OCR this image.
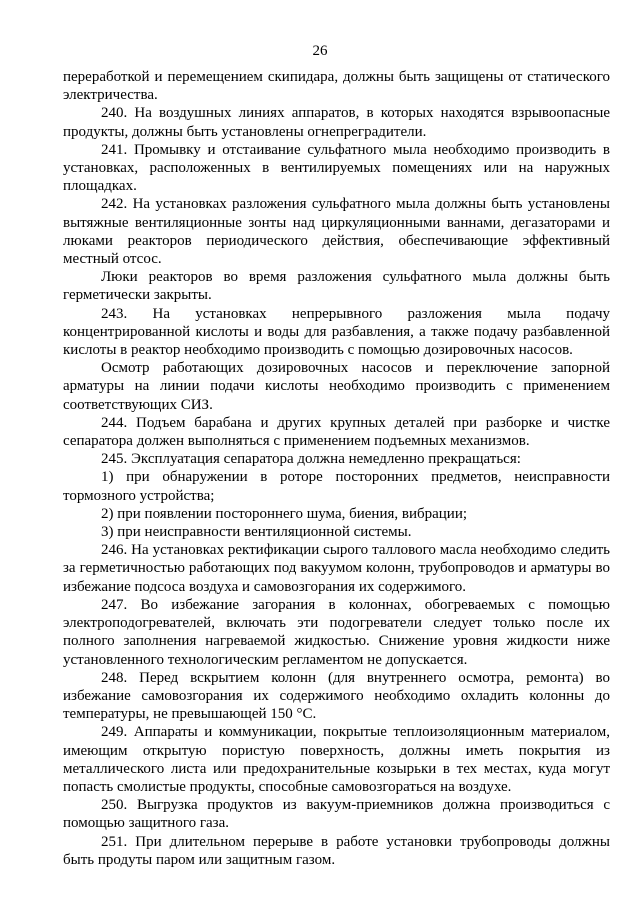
26

переработкой и перемещением скипидара, должны быть защищены от статического электричества.

240. На воздушных линиях аппаратов, в которых находятся взрывоопасные продукты, должны быть установлены огнепреградители.

241. Промывку и отстаивание сульфатного мыла необходимо производить в установках, расположенных в вентилируемых помещениях или на наружных площадках.

242. На установках разложения сульфатного мыла должны быть установлены вытяжные вентиляционные зонты над циркуляционными ваннами, дегазаторами и люками реакторов периодического действия, обеспечивающие эффективный местный отсос.

Люки реакторов во время разложения сульфатного мыла должны быть герметически закрыты.

243. На установках непрерывного разложения мыла подачу концентрированной кислоты и воды для разбавления, а также подачу разбавленной кислоты в реактор необходимо производить с помощью дозировочных насосов.

Осмотр работающих дозировочных насосов и переключение запорной арматуры на линии подачи кислоты необходимо производить с применением соответствующих СИЗ.

244. Подъем барабана и других крупных деталей при разборке и чистке сепаратора должен выполняться с применением подъемных механизмов.

245. Эксплуатация сепаратора должна немедленно прекращаться:

1) при обнаружении в роторе посторонних предметов, неисправности тормозного устройства;

2) при появлении постороннего шума, биения, вибрации;

3) при неисправности вентиляционной системы.

246. На установках ректификации сырого таллового масла необходимо следить за герметичностью работающих под вакуумом колонн, трубопроводов и арматуры во избежание подсоса воздуха и самовозгорания их содержимого.

247. Во избежание загорания в колоннах, обогреваемых с помощью электроподогревателей, включать эти подогреватели следует только после их полного заполнения нагреваемой жидкостью. Снижение уровня жидкости ниже установленного технологическим регламентом не допускается.

248. Перед вскрытием колонн (для внутреннего осмотра, ремонта) во избежание самовозгорания их содержимого необходимо охладить колонны до температуры, не превышающей 150 °С.

249. Аппараты и коммуникации, покрытые теплоизоляционным материалом, имеющим открытую пористую поверхность, должны иметь покрытия из металлического листа или предохранительные козырьки в тех местах, куда могут попасть смолистые продукты, способные самовозгораться на воздухе.

250. Выгрузка продуктов из вакуум-приемников должна производиться с помощью защитного газа.

251. При длительном перерыве в работе установки трубопроводы должны быть продуты паром или защитным газом.
